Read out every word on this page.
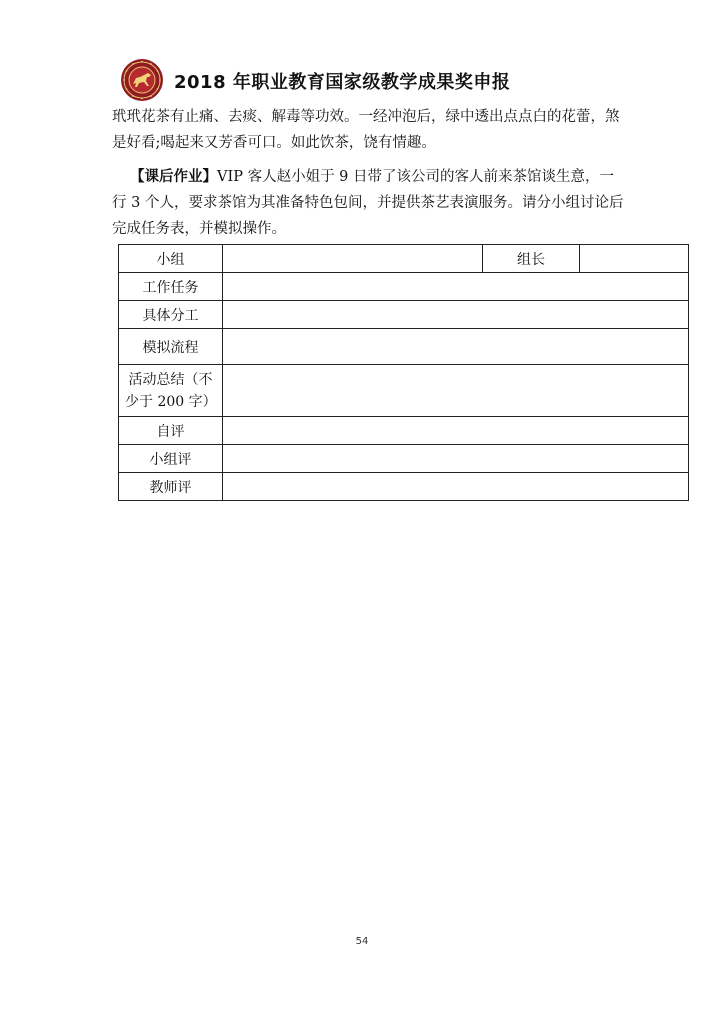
2018 年职业教育国家级教学成果奖申报
玳玳花茶有止痛、去痰、解毒等功效。一经冲泡后，绿中透出点点白的花蕾，煞
是好看;喝起来又芳香可口。如此饮茶，饶有情趣。
【课后作业】VIP 客人赵小姐于 9 日带了该公司的客人前来茶馆谈生意，一
行 3 个人，要求茶馆为其准备特色包间，并提供茶艺表演服务。请分小组讨论后
完成任务表，并模拟操作。
小组		组长	
工作任务			
具体分工			
模拟流程			

活动总结（不
少于 200 字）			

自评			
小组评			
教师评			
54
